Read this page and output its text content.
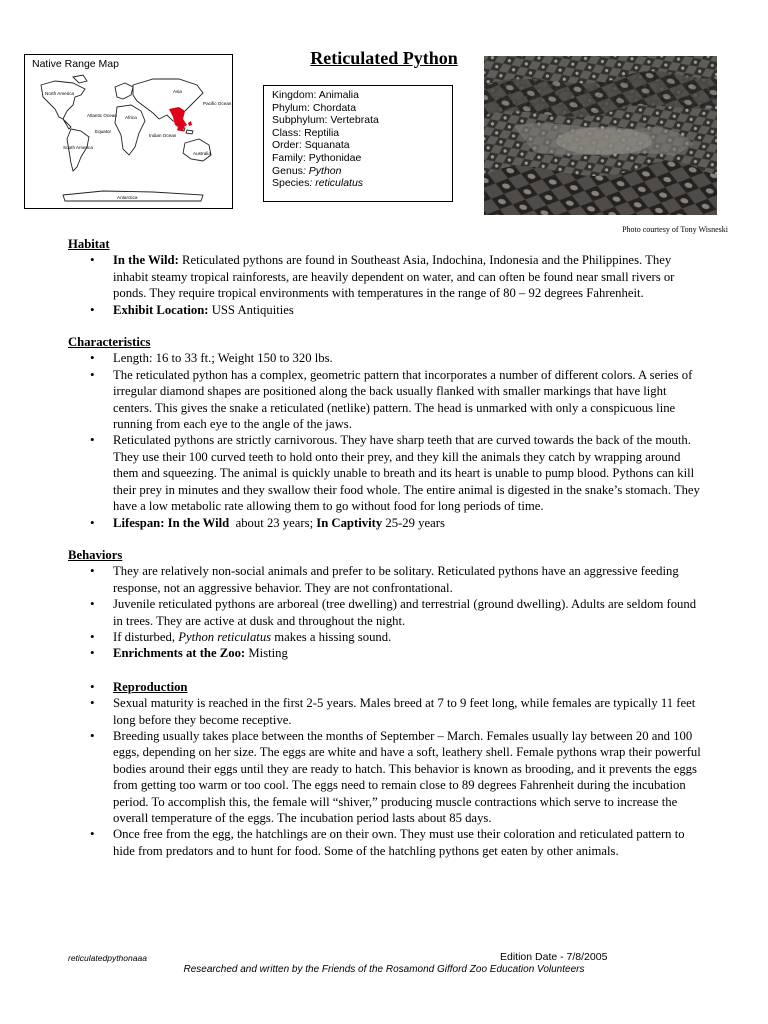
Native Range Map
North America
Atlantic Ocean
South America
Equator
Africa
Asia
Indian Ocean
Pacific Ocean
Australia
Antarctica
Reticulated Python
Kingdom: Animalia
Phylum: Chordata
Subphylum: Vertebrata
Class: Reptilia
Order: Squanata
Family: Pythonidae
Genus: Python
Species: reticulatus
Photo courtesy of Tony Wisneski
Habitat
• In the Wild: Reticulated pythons are found in Southeast Asia, Indochina, Indonesia and the Philippines. They inhabit steamy tropical rainforests, are heavily dependent on water, and can often be found near small rivers or ponds. They require tropical environments with temperatures in the range of 80 – 92 degrees Fahrenheit.
• Exhibit Location: USS Antiquities
Characteristics
• Length: 16 to 33 ft.; Weight 150 to 320 lbs.
• The reticulated python has a complex, geometric pattern that incorporates a number of different colors. A series of irregular diamond shapes are positioned along the back usually flanked with smaller markings that have light centers. This gives the snake a reticulated (netlike) pattern. The head is unmarked with only a conspicuous line running from each eye to the angle of the jaws.
• Reticulated pythons are strictly carnivorous. They have sharp teeth that are curved towards the back of the mouth. They use their 100 curved teeth to hold onto their prey, and they kill the animals they catch by wrapping around them and squeezing. The animal is quickly unable to breath and its heart is unable to pump blood. Pythons can kill their prey in minutes and they swallow their food whole. The entire animal is digested in the snake’s stomach. They have a low metabolic rate allowing them to go without food for long periods of time.
• Lifespan: In the Wild  about 23 years; In Captivity 25-29 years
Behaviors
• They are relatively non-social animals and prefer to be solitary. Reticulated pythons have an aggressive feeding response, not an aggressive behavior. They are not confrontational.
• Juvenile reticulated pythons are arboreal (tree dwelling) and terrestrial (ground dwelling). Adults are seldom found in trees. They are active at dusk and throughout the night.
• If disturbed, Python reticulatus makes a hissing sound.
• Enrichments at the Zoo: Misting
• Reproduction
• Sexual maturity is reached in the first 2-5 years. Males breed at 7 to 9 feet long, while females are typically 11 feet long before they become receptive.
• Breeding usually takes place between the months of September – March. Females usually lay between 20 and 100 eggs, depending on her size. The eggs are white and have a soft, leathery shell. Female pythons wrap their powerful bodies around their eggs until they are ready to hatch. This behavior is known as brooding, and it prevents the eggs from getting too warm or too cool. The eggs need to remain close to 89 degrees Fahrenheit during the incubation period. To accomplish this, the female will “shiver,” producing muscle contractions which serve to increase the overall temperature of the eggs. The incubation period lasts about 85 days.
• Once free from the egg, the hatchlings are on their own. They must use their coloration and reticulated pattern to hide from predators and to hunt for food. Some of the hatchling pythons get eaten by other animals.
reticulatedpythonaaa	Edition Date - 7/8/2005
Researched and written by the Friends of the Rosamond Gifford Zoo Education Volunteers
